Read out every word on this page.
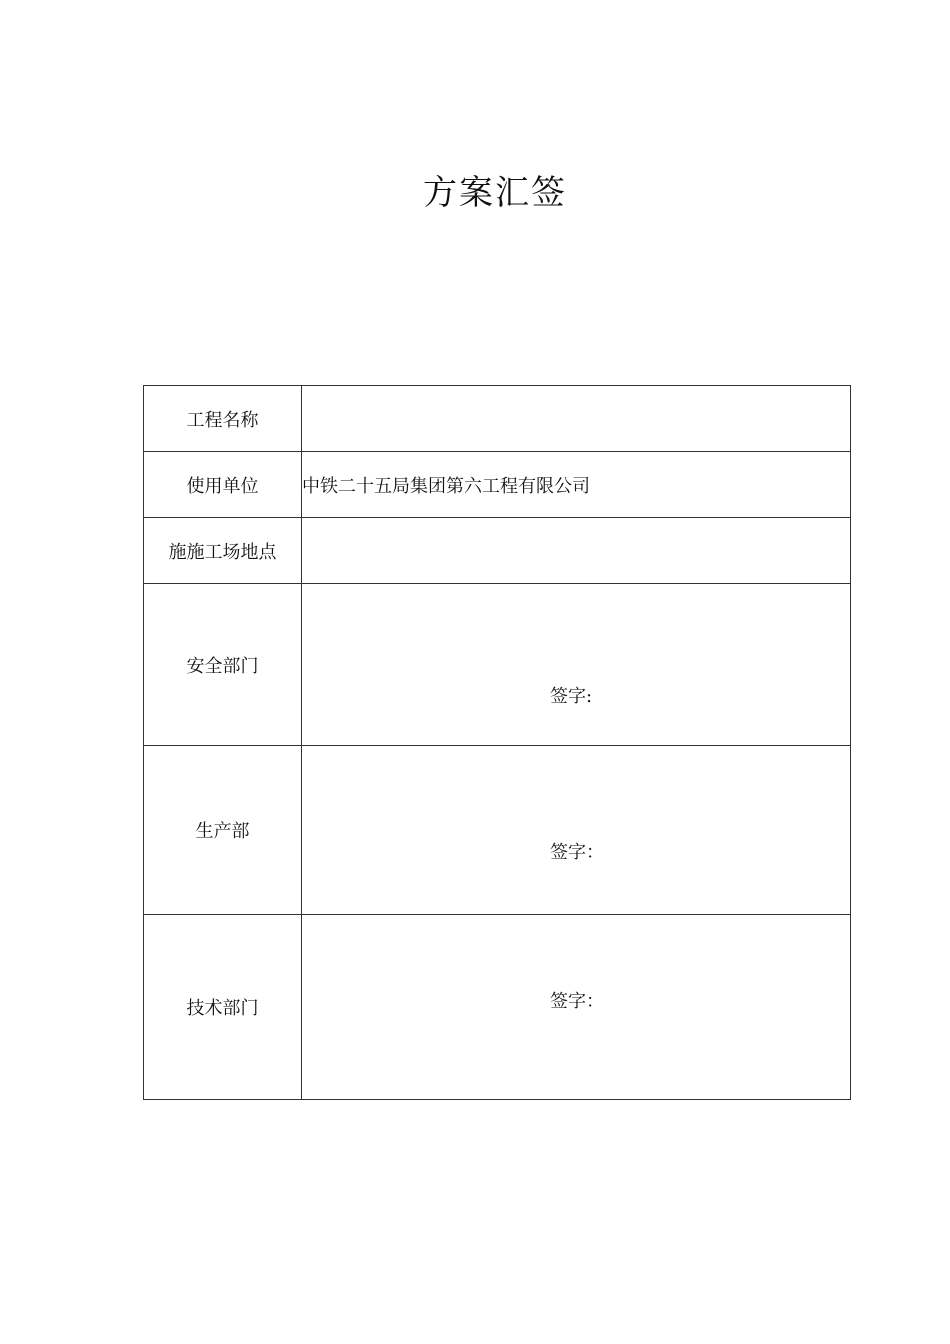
方案汇签
工程名称	
使用单位	中铁二十五局集团第六工程有限公司
施施工场地点	
安全部门	签字:

生产部	签字：

技术部门	签字：
